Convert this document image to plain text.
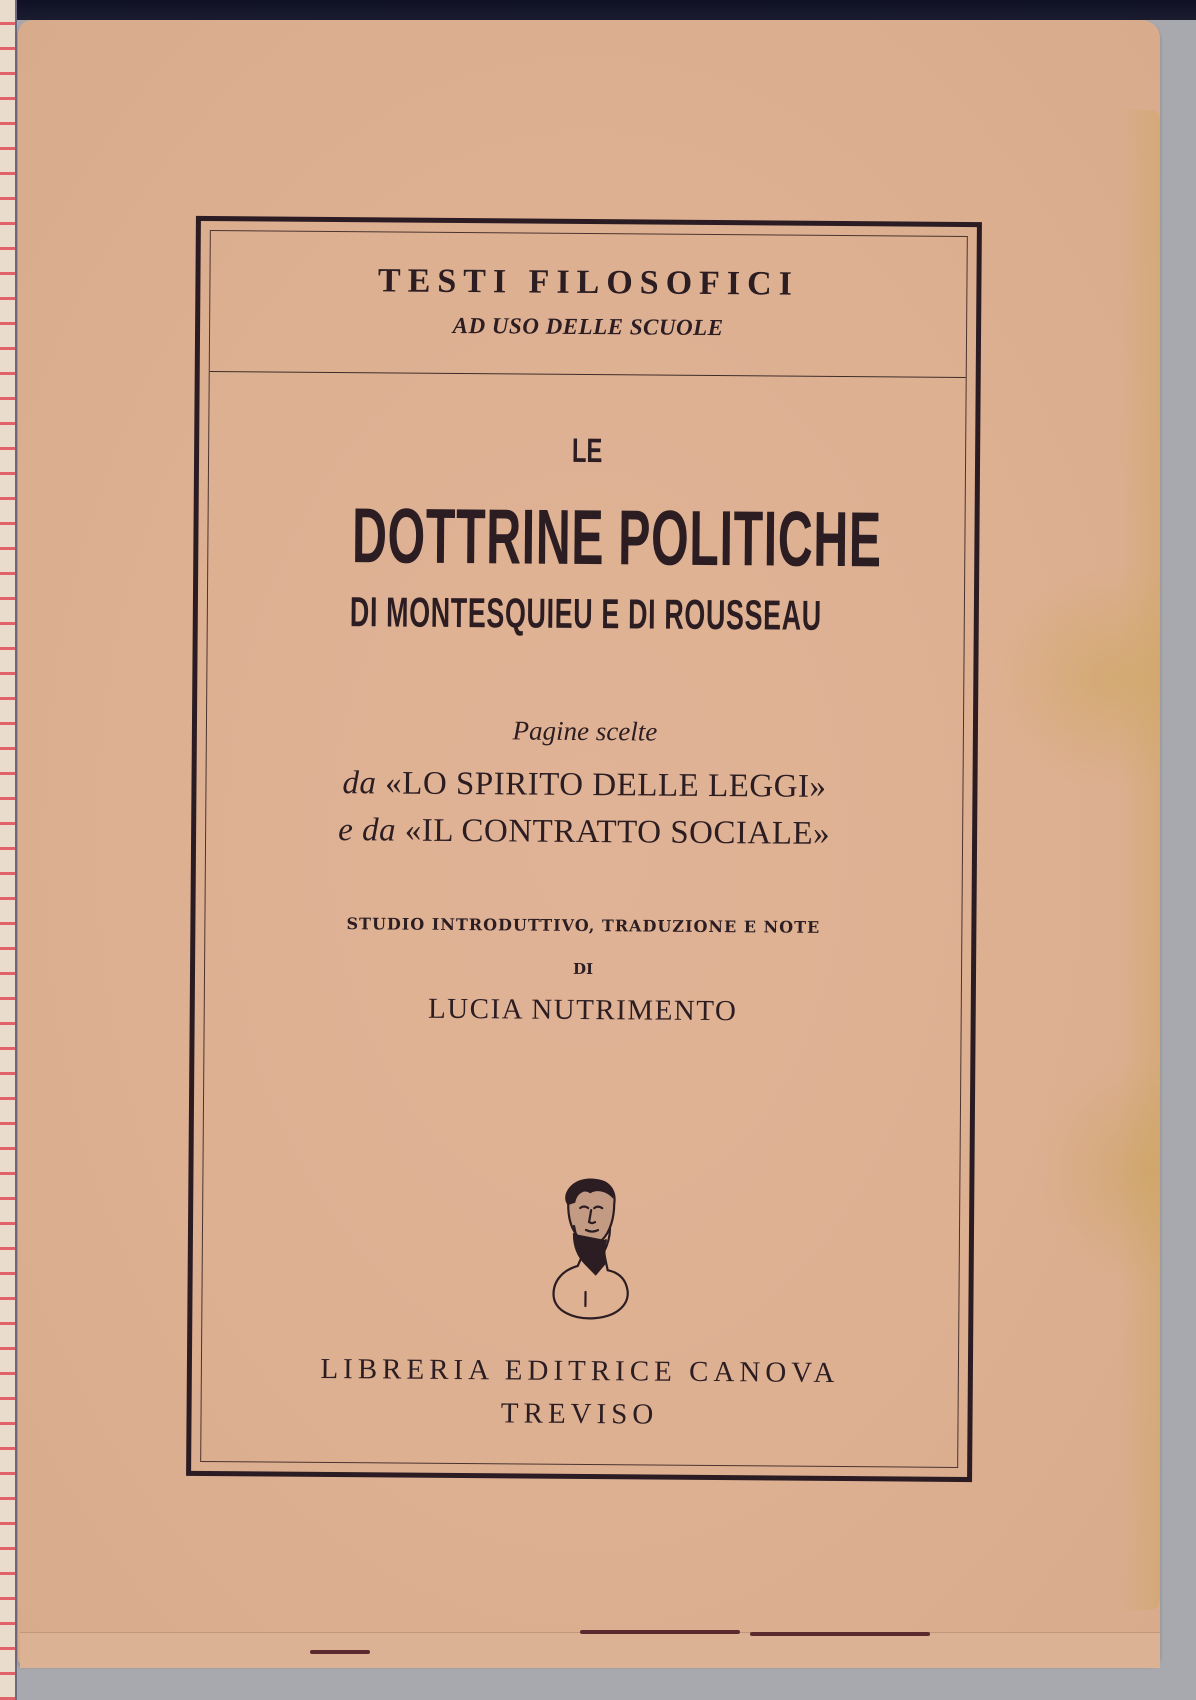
TESTI FILOSOFICI
AD USO DELLE SCUOLE
LE
DOTTRINE POLITICHE
DI MONTESQUIEU E DI ROUSSEAU
Pagine scelte
da «LO SPIRITO DELLE LEGGI»
e da «IL CONTRATTO SOCIALE»
STUDIO INTRODUTTIVO, TRADUZIONE E NOTE
DI
LUCIA NUTRIMENTO
LIBRERIA EDITRICE CANOVA
TREVISO
